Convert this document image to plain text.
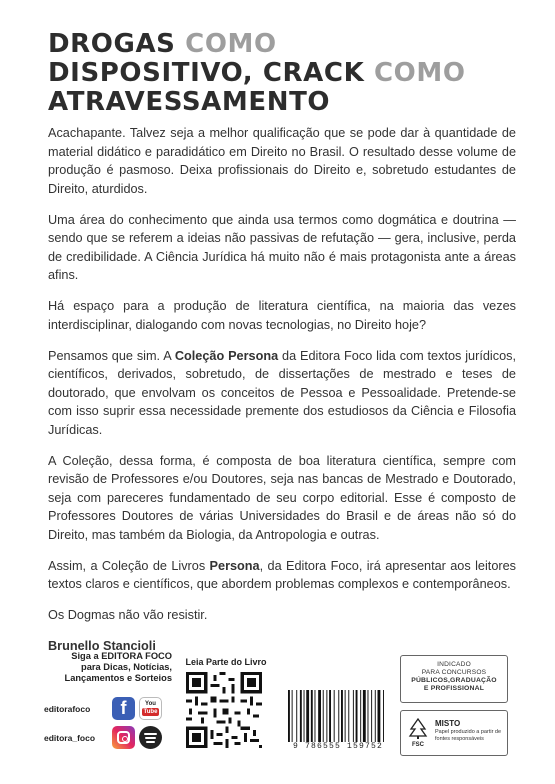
DROGAS COMO
DISPOSITIVO, CRACK COMO
ATRAVESSAMENTO

Acachapante. Talvez seja a melhor qualificação que se pode dar à quantidade de material didático e paradidático em Direito no Brasil. O resultado desse volume de produção é pasmoso. Deixa profissionais do Direito e, sobretudo estudantes de Direito, aturdidos.

Uma área do conhecimento que ainda usa termos como dogmática e doutrina — sendo que se referem a ideias não passivas de refutação — gera, inclusive, perda de credibilidade. A Ciência Jurídica há muito não é mais protagonista ante a áreas afins.

Há espaço para a produção de literatura científica, na maioria das vezes interdisciplinar, dialogando com novas tecnologias, no Direito hoje?

Pensamos que sim. A Coleção Persona da Editora Foco lida com textos jurídicos, científicos, derivados, sobretudo, de dissertações de mestrado e teses de doutorado, que envolvam os conceitos de Pessoa e Pessoalidade. Pretende-se com isso suprir essa necessidade premente dos estudiosos da Ciência e Filosofia Jurídicas.

A Coleção, dessa forma, é composta de boa literatura científica, sempre com revisão de Professores e/ou Doutores, seja nas bancas de Mestrado e Doutorado, seja com pareceres fundamentado de seu corpo editorial. Esse é composto de Professores Doutores de várias Universidades do Brasil e de áreas não só do Direito, mas também da Biologia, da Antropologia e outras.

Assim, a Coleção de Livros Persona, da Editora Foco, irá apresentar aos leitores textos claros e científicos, que abordem problemas complexos e contemporâneos.

Os Dogmas não vão resistir.

Brunello Stancioli

Siga a EDITORA FOCO
para Dicas, Notícias,
Lançamentos e Sorteios
editorafoco	f	You
Tube
editora_foco
Leia Parte do Livro
9 786555 159752
INDICADO
PARA CONCURSOS
PÚBLICOS,GRADUAÇÃO
E PROFISSIONAL
FSC
MISTO
Papel produzido a partir de fontes responsáveis
